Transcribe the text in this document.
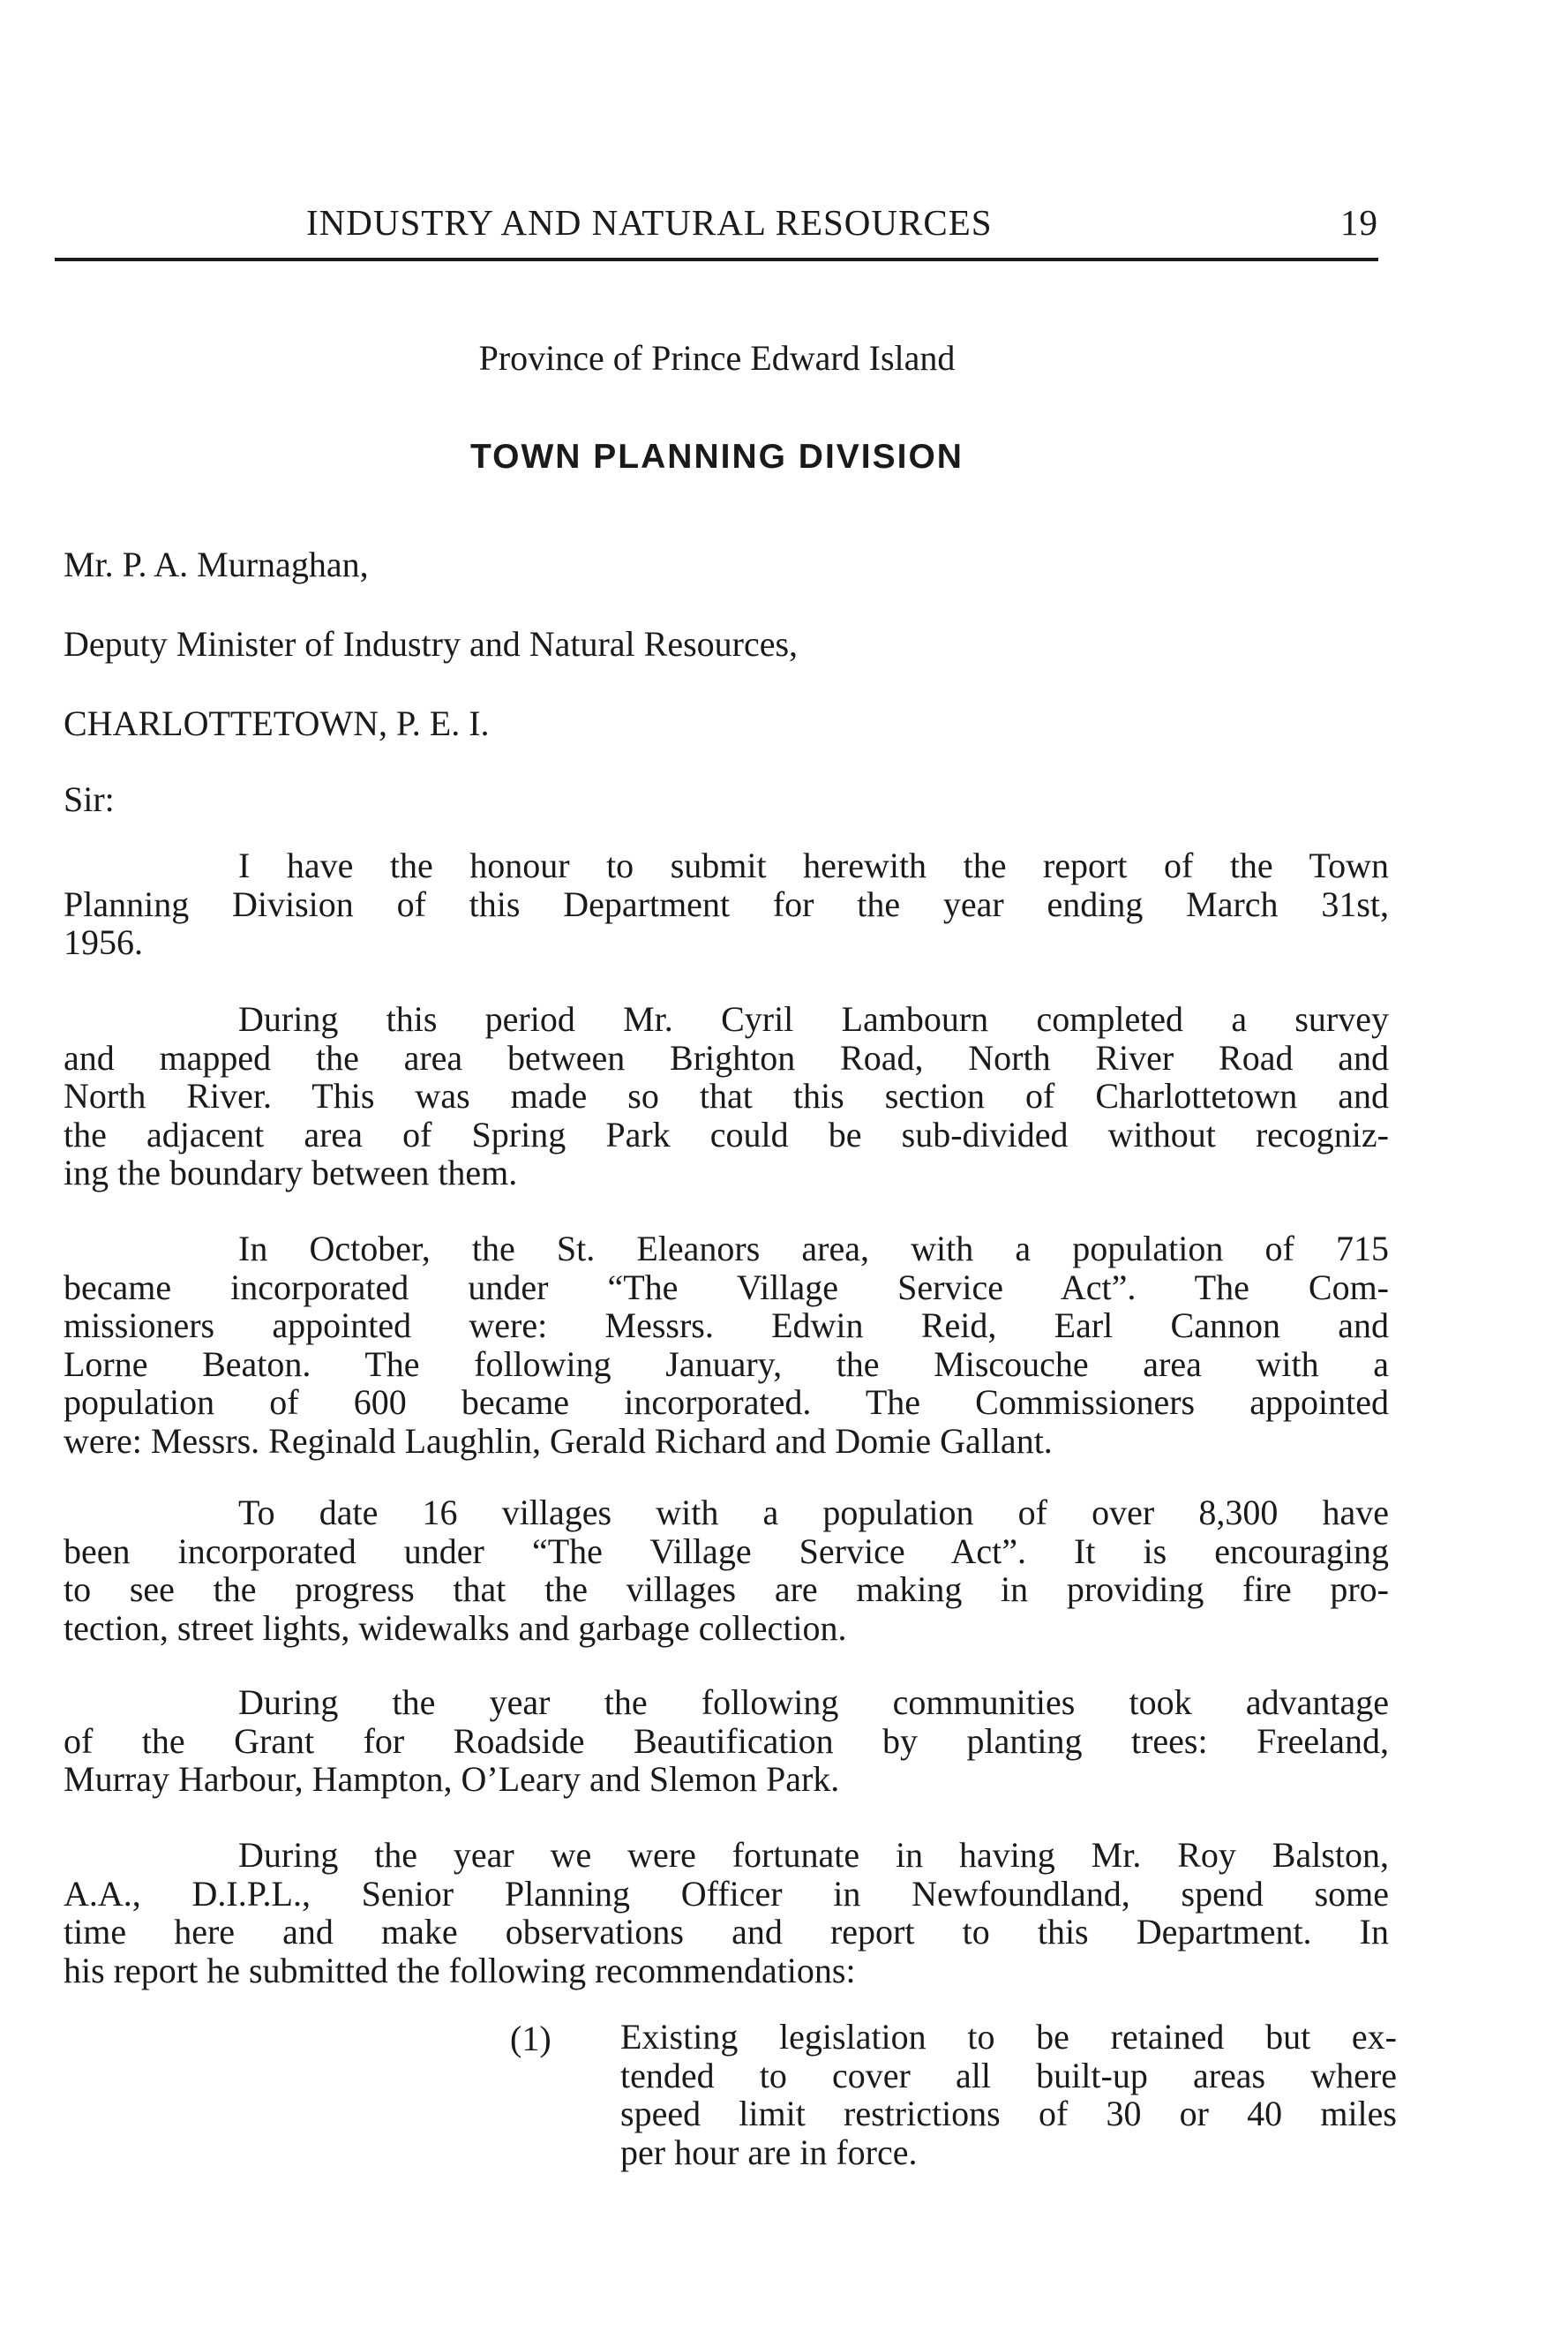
INDUSTRY AND NATURAL RESOURCES	19
Province of Prince Edward Island
TOWN PLANNING DIVISION
Mr. P. A. Murnaghan,
Deputy Minister of Industry and Natural Resources,
CHARLOTTETOWN, P. E. I.
Sir:
I have the honour to submit herewith the report of the Town
Planning Division of this Department for the year ending March 31st,
1956.
During this period Mr. Cyril Lambourn completed a survey
and mapped the area between Brighton Road, North River Road and
North River. This was made so that this section of Charlottetown and
the adjacent area of Spring Park could be sub-divided without recogniz-
ing the boundary between them.
In October, the St. Eleanors area, with a population of 715
became incorporated under “The Village Service Act”. The Com-
missioners appointed were: Messrs. Edwin Reid, Earl Cannon and
Lorne Beaton. The following January, the Miscouche area with a
population of 600 became incorporated. The Commissioners appointed
were: Messrs. Reginald Laughlin, Gerald Richard and Domie Gallant.
To date 16 villages with a population of over 8,300 have
been incorporated under “The Village Service Act”. It is encouraging
to see the progress that the villages are making in providing fire pro-
tection, street lights, widewalks and garbage collection.
During the year the following communities took advantage
of the Grant for Roadside Beautification by planting trees: Freeland,
Murray Harbour, Hampton, O’Leary and Slemon Park.
During the year we were fortunate in having Mr. Roy Balston,
A.A., D.I.P.L., Senior Planning Officer in Newfoundland, spend some
time here and make observations and report to this Department. In
his report he submitted the following recommendations:
(1) Existing legislation to be retained but ex-
tended to cover all built-up areas where
speed limit restrictions of 30 or 40 miles
per hour are in force.
